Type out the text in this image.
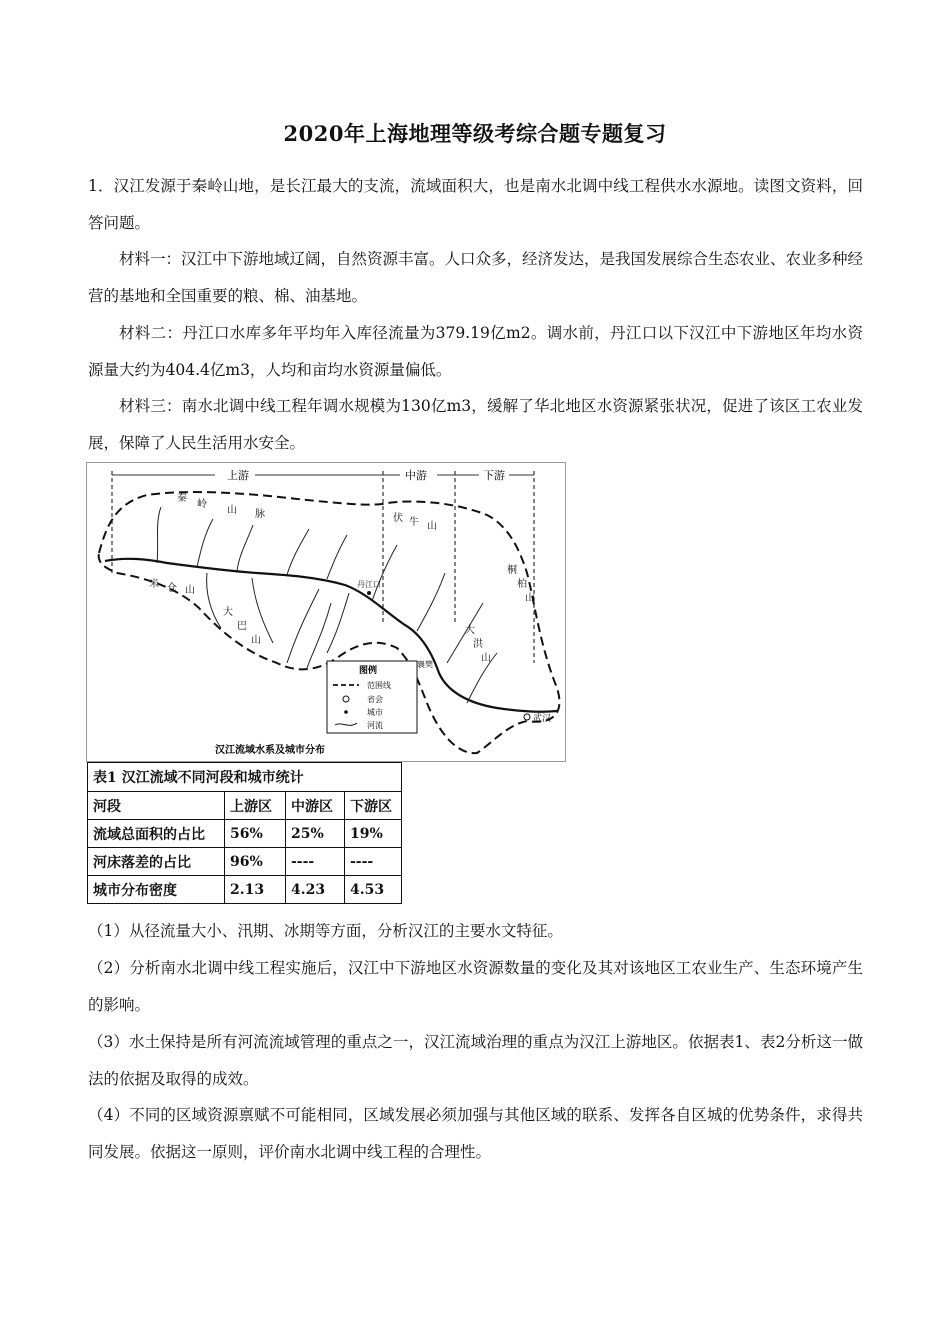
2020年上海地理等级考综合题专题复习
1．汉江发源于秦岭山地，是长江最大的支流，流域面积大，也是南水北调中线工程供水水源地。读图文资料，回答问题。
材料一：汉江中下游地域辽阔，自然资源丰富。人口众多，经济发达，是我国发展综合生态农业、农业多种经营的基地和全国重要的粮、棉、油基地。
材料二：丹江口水库多年平均年入库径流量为379.19亿m2。调水前，丹江口以下汉江中下游地区年均水资源量大约为404.4亿m3，人均和亩均水资源量偏低。
材料三：南水北调中线工程年调水规模为130亿m3，缓解了华北地区水资源紧张状况，促进了该区工农业发展，保障了人民生活用水安全。
上游	中游	下游
秦
岭
山 脉	伏 牛 山
米 仓 山
大
巴
山
桐
柏
山
大
洪
山
武汉
丹江口
襄樊
图例
范围线
省会
城市
河流
汉江流域水系及城市分布
表1 汉江流域不同河段和城市统计			
河段	上游区	中游区	下游区
流域总面积的占比	56%	25%	19%
河床落差的占比	96%	----	----
城市分布密度	2.13	4.23	4.53
（1）从径流量大小、汛期、冰期等方面，分析汉江的主要水文特征。
（2）分析南水北调中线工程实施后，汉江中下游地区水资源数量的变化及其对该地区工农业生产、生态环境产生的影响。
（3）水土保持是所有河流流域管理的重点之一，汉江流域治理的重点为汉江上游地区。依据表1、表2分析这一做法的依据及取得的成效。
（4）不同的区域资源禀赋不可能相同，区域发展必须加强与其他区域的联系、发挥各自区城的优势条件，求得共同发展。依据这一原则，评价南水北调中线工程的合理性。
